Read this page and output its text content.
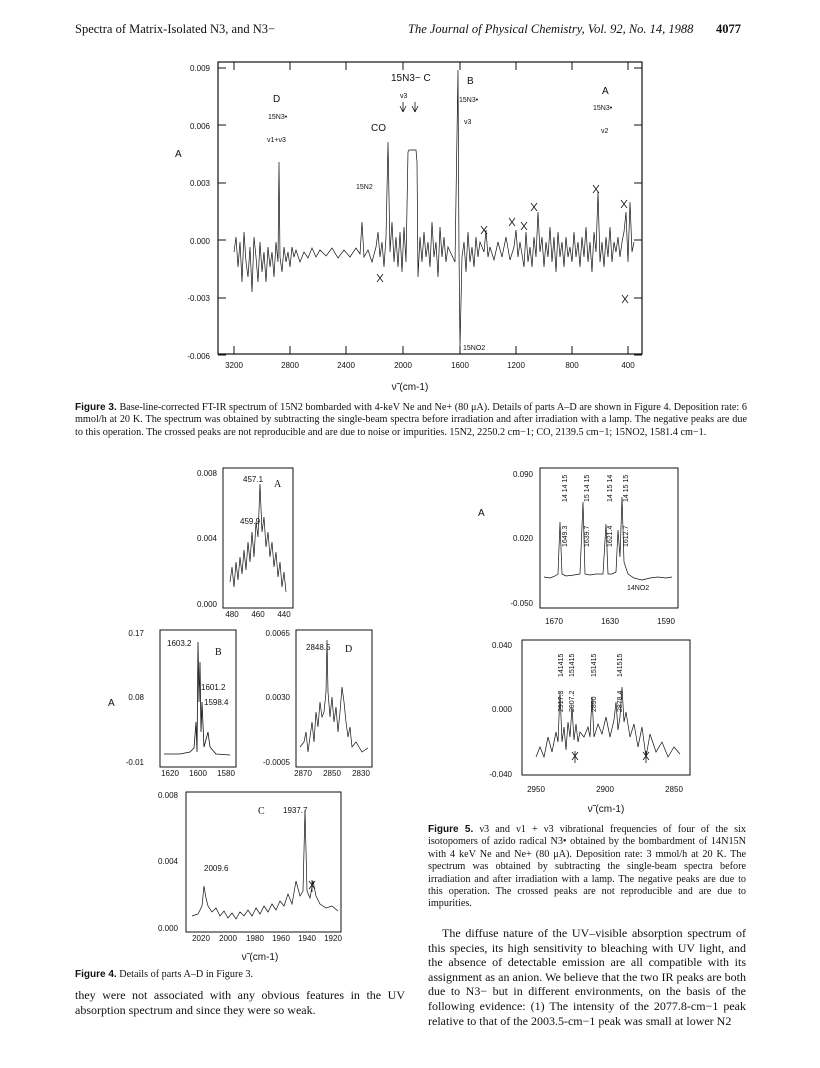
Spectra of Matrix-Isolated N3, and N3−	The Journal of Physical Chemistry, Vol. 92, No. 14, 1988 4077
0.009
0.006
0.003
0.000
-0.003
-0.006
A
D
15N3•
ν1+ν3
CO
15N2
15N3− C
ν3
B
15N3•
ν3
A
15N3•
ν2
15NO2
3200	2800	2400	2000	1600	1200	800	400
ν̃ (cm-1)
Figure 3. Base-line-corrected FT-IR spectrum of 15N2 bombarded with 4-keV Ne and Ne+ (80 μA). Details of parts A–D are shown in Figure 4. Deposition rate: 6 mmol/h at 20 K. The spectrum was obtained by subtracting the single-beam spectra before irradiation and after irradiation with a lamp. The negative peaks are due to this operation. The crossed peaks are not reproducible and are due to noise or impurities. 15N2, 2250.2 cm−1; CO, 2139.5 cm−1; 15NO2, 1581.4 cm−1.
0.008
0.004
0.000
457.1 A
459.9
480 460 440
0.17
0.08
-0.01
1603.2
B
1601.2
1598.4
1620 1600 1580
0.0065
0.0030
-0.0005
2848.5 D
2870 2850 2830
A
0.008
0.004
0.000
C 1937.7
2009.6
2020 2000 1980 1960 1940 1920
ν̃ (cm-1)
Figure 4. Details of parts A–D in Figure 3.
they were not associated with any obvious features in the UV absorption spectrum and since they were so weak.
A
0.090
0.020
-0.050
1649.3
14 14 15
1639.7
15 14 15
1621.4
14 15 14
1612.7
14 15 15
14NO2
1670	1630	1590
0.040
0.000
-0.040
2917.3
141415
2907.2
151415
2890
151415
2878.4
141515
2950	2900	2850
ν̃ (cm-1)
Figure 5. ν3 and ν1 + ν3 vibrational frequencies of four of the six isotopomers of azido radical N3• obtained by the bombardment of 14N15N with 4 keV Ne and Ne+ (80 μA). Deposition rate: 3 mmol/h at 20 K. The spectrum was obtained by subtracting the single-beam spectra before irradiation and after irradiation with a lamp. The negative peaks are due to this operation. The crossed peaks are not reproducible and are due to impurities.
The diffuse nature of the UV–visible absorption spectrum of this species, its high sensitivity to bleaching with UV light, and the absence of detectable emission are all compatible with its assignment as an anion. We believe that the two IR peaks are both due to N3− but in different environments, on the basis of the following evidence: (1) The intensity of the 2077.8-cm−1 peak relative to that of the 2003.5-cm−1 peak was small at lower N2
